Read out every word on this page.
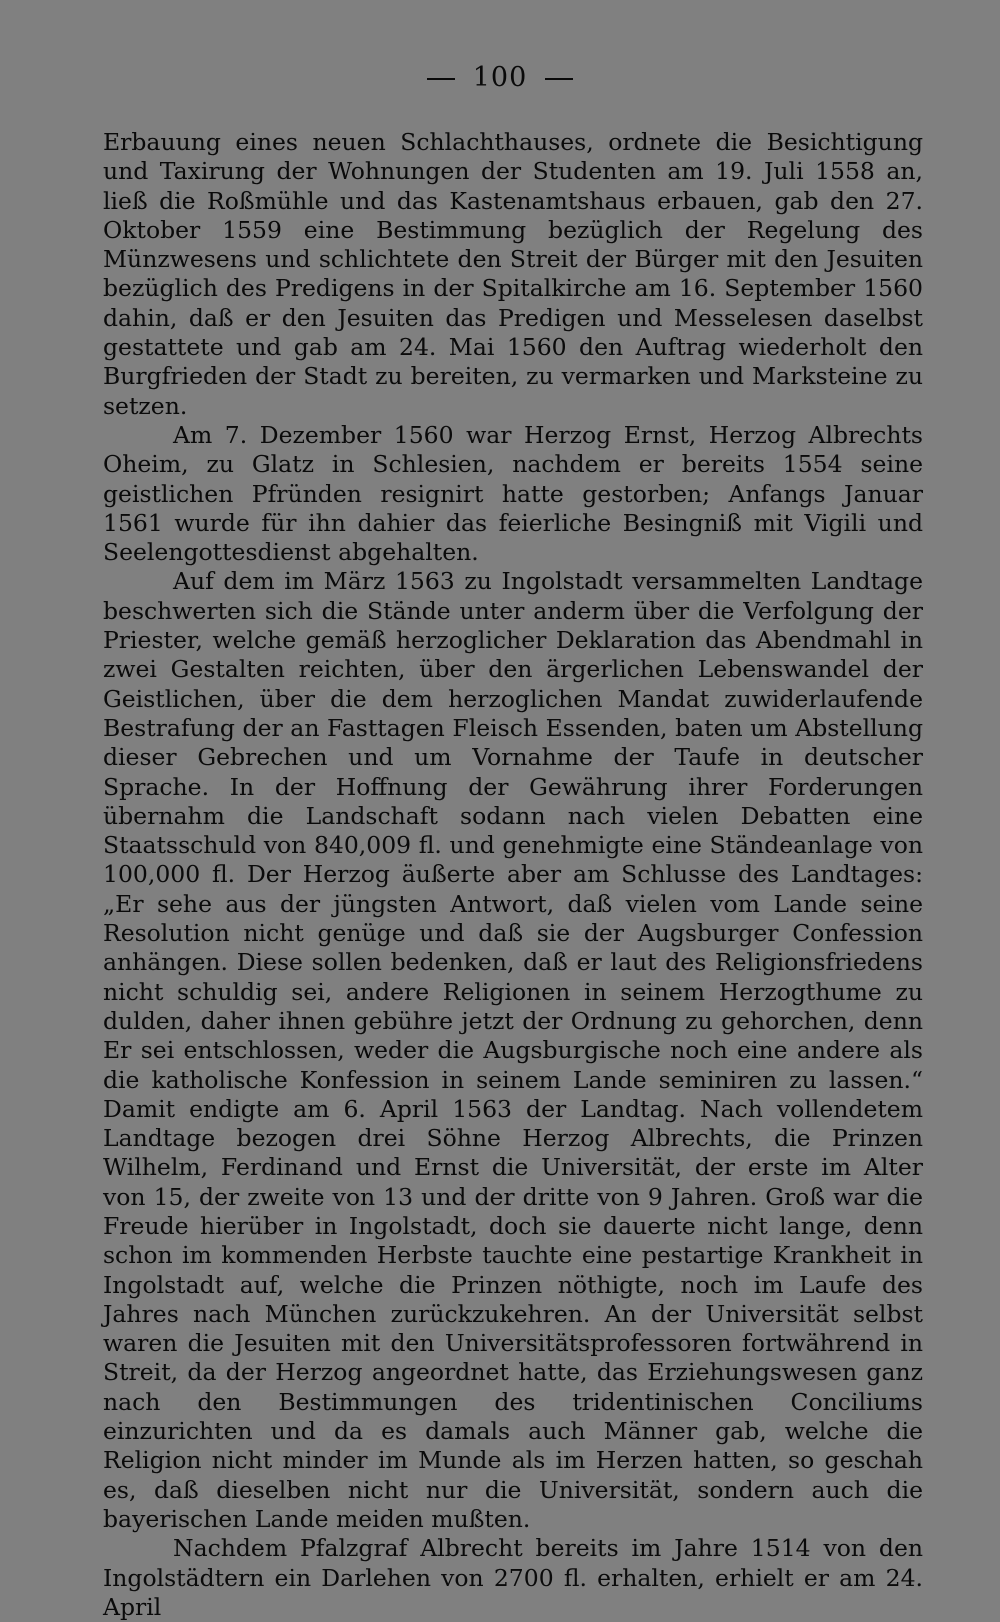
100

Erbauung eines neuen Schlachthauses, ordnete die Besichtigung und Taxirung der Wohnungen der Studenten am 19. Juli 1558 an, ließ die Roßmühle und das Kastenamtshaus erbauen, gab den 27. Oktober 1559 eine Bestimmung bezüglich der Regelung des Münzwesens und schlichtete den Streit der Bürger mit den Jesuiten bezüglich des Predigens in der Spitalkirche am 16. September 1560 dahin, daß er den Jesuiten das Predigen und Messelesen daselbst gestattete und gab am 24. Mai 1560 den Auftrag wiederholt den Burgfrieden der Stadt zu bereiten, zu vermarken und Marksteine zu setzen.

Am 7. Dezember 1560 war Herzog Ernst, Herzog Albrechts Oheim, zu Glatz in Schlesien, nachdem er bereits 1554 seine geistlichen Pfründen resignirt hatte gestorben; Anfangs Januar 1561 wurde für ihn dahier das feierliche Besingniß mit Vigili und Seelengottesdienst abgehalten.

Auf dem im März 1563 zu Ingolstadt versammelten Landtage beschwerten sich die Stände unter anderm über die Verfolgung der Priester, welche gemäß herzoglicher Deklaration das Abendmahl in zwei Gestalten reichten, über den ärgerlichen Lebenswandel der Geistlichen, über die dem herzoglichen Mandat zuwiderlaufende Bestrafung der an Fasttagen Fleisch Essenden, baten um Abstellung dieser Gebrechen und um Vornahme der Taufe in deutscher Sprache. In der Hoffnung der Gewährung ihrer Forderungen übernahm die Landschaft sodann nach vielen Debatten eine Staatsschuld von 840,009 fl. und genehmigte eine Ständeanlage von 100,000 fl. Der Herzog äußerte aber am Schlusse des Landtages: „Er sehe aus der jüngsten Antwort, daß vielen vom Lande seine Resolution nicht genüge und daß sie der Augsburger Confession anhängen. Diese sollen bedenken, daß er laut des Religionsfriedens nicht schuldig sei, andere Religionen in seinem Herzogthume zu dulden, daher ihnen gebühre jetzt der Ordnung zu gehorchen, denn Er sei entschlossen, weder die Augsburgische noch eine andere als die katholische Konfession in seinem Lande seminiren zu lassen.“ Damit endigte am 6. April 1563 der Landtag. Nach vollendetem Landtage bezogen drei Söhne Herzog Albrechts, die Prinzen Wilhelm, Ferdinand und Ernst die Universität, der erste im Alter von 15, der zweite von 13 und der dritte von 9 Jahren. Groß war die Freude hierüber in Ingolstadt, doch sie dauerte nicht lange, denn schon im kommenden Herbste tauchte eine pestartige Krankheit in Ingolstadt auf, welche die Prinzen nöthigte, noch im Laufe des Jahres nach München zurückzukehren. An der Universität selbst waren die Jesuiten mit den Universitätsprofessoren fortwährend in Streit, da der Herzog angeordnet hatte, das Erziehungswesen ganz nach den Bestimmungen des tridentinischen Conciliums einzurichten und da es damals auch Männer gab, welche die Religion nicht minder im Munde als im Herzen hatten, so geschah es, daß dieselben nicht nur die Universität, sondern auch die bayerischen Lande meiden mußten.

Nachdem Pfalzgraf Albrecht bereits im Jahre 1514 von den Ingolstädtern ein Darlehen von 2700 fl. erhalten, erhielt er am 24. April
